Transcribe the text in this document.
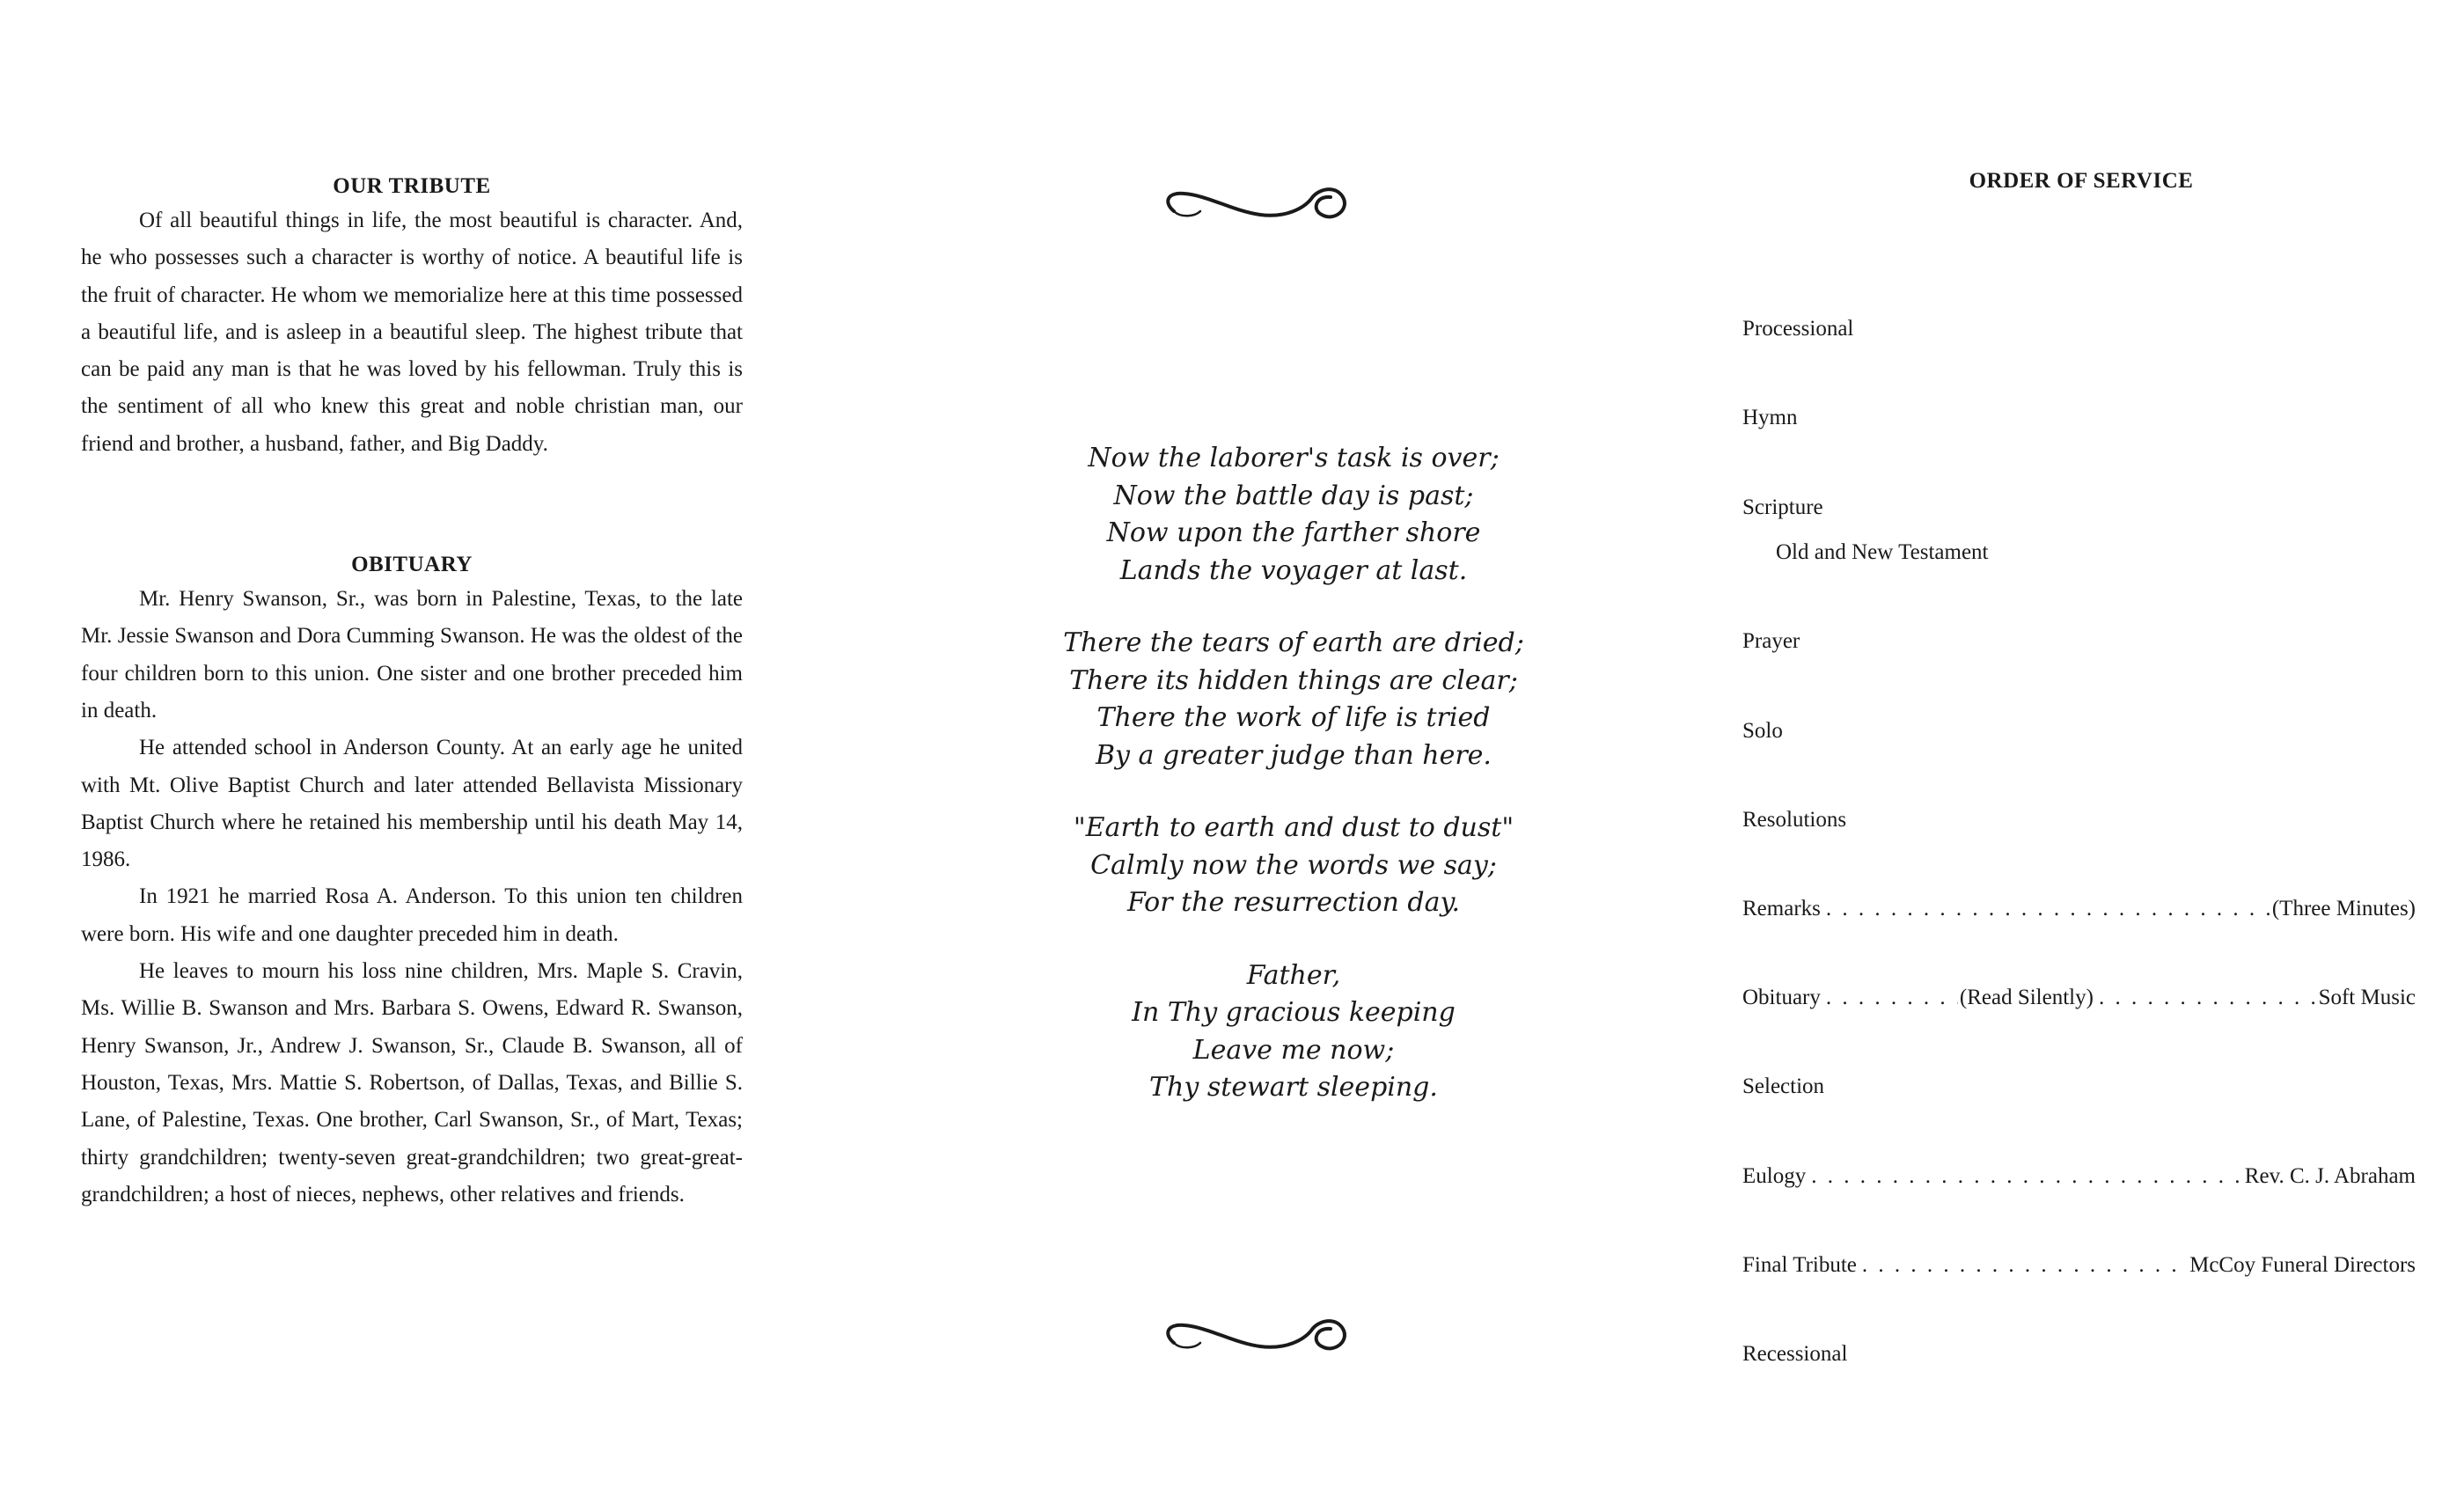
OUR TRIBUTE

Of all beautiful things in life, the most beautiful is character. And, he who possesses such a character is worthy of notice. A beautiful life is the fruit of character. He whom we memorialize here at this time possessed a beautiful life, and is asleep in a beautiful sleep. The highest tribute that can be paid any man is that he was loved by his fellowman. Truly this is the sentiment of all who knew this great and noble christian man, our friend and brother, a husband, father, and Big Daddy.

OBITUARY

Mr. Henry Swanson, Sr., was born in Palestine, Texas, to the late Mr. Jessie Swanson and Dora Cumming Swanson. He was the oldest of the four children born to this union. One sister and one brother preceded him in death.

He attended school in Anderson County. At an early age he united with Mt. Olive Baptist Church and later attended Bellavista Missionary Baptist Church where he retained his membership until his death May 14, 1986.

In 1921 he married Rosa A. Anderson. To this union ten children were born. His wife and one daughter preceded him in death.

He leaves to mourn his loss nine children, Mrs. Maple S. Cravin, Ms. Willie B. Swanson and Mrs. Barbara S. Owens, Edward R. Swanson, Henry Swanson, Jr., Andrew J. Swanson, Sr., Claude B. Swanson, all of Houston, Texas, Mrs. Mattie S. Robertson, of Dallas, Texas, and Billie S. Lane, of Palestine, Texas. One brother, Carl Swanson, Sr., of Mart, Texas; thirty grandchildren; twenty-seven great-grandchildren; two great-great-grandchildren; a host of nieces, nephews, other relatives and friends.

Now the laborer's task is over;
Now the battle day is past;
Now upon the farther shore
Lands the voyager at last.
There the tears of earth are dried;
There its hidden things are clear;
There the work of life is tried
By a greater judge than here.
"Earth to earth and dust to dust"
Calmly now the words we say;
For the resurrection day.
Father,
In Thy gracious keeping
Leave me now;
Thy stewart sleeping.
ORDER OF SERVICE
Processional
Hymn
Scripture
Old and New Testament
Prayer
Solo
Resolutions
Remarks . . .	(Three Minutes)
Obituary . . .	(Read Silently) . . .	Soft Music
Selection
Eulogy . . .	Rev. C. J. Abraham
Final Tribute . . .	McCoy Funeral Directors
Recessional
